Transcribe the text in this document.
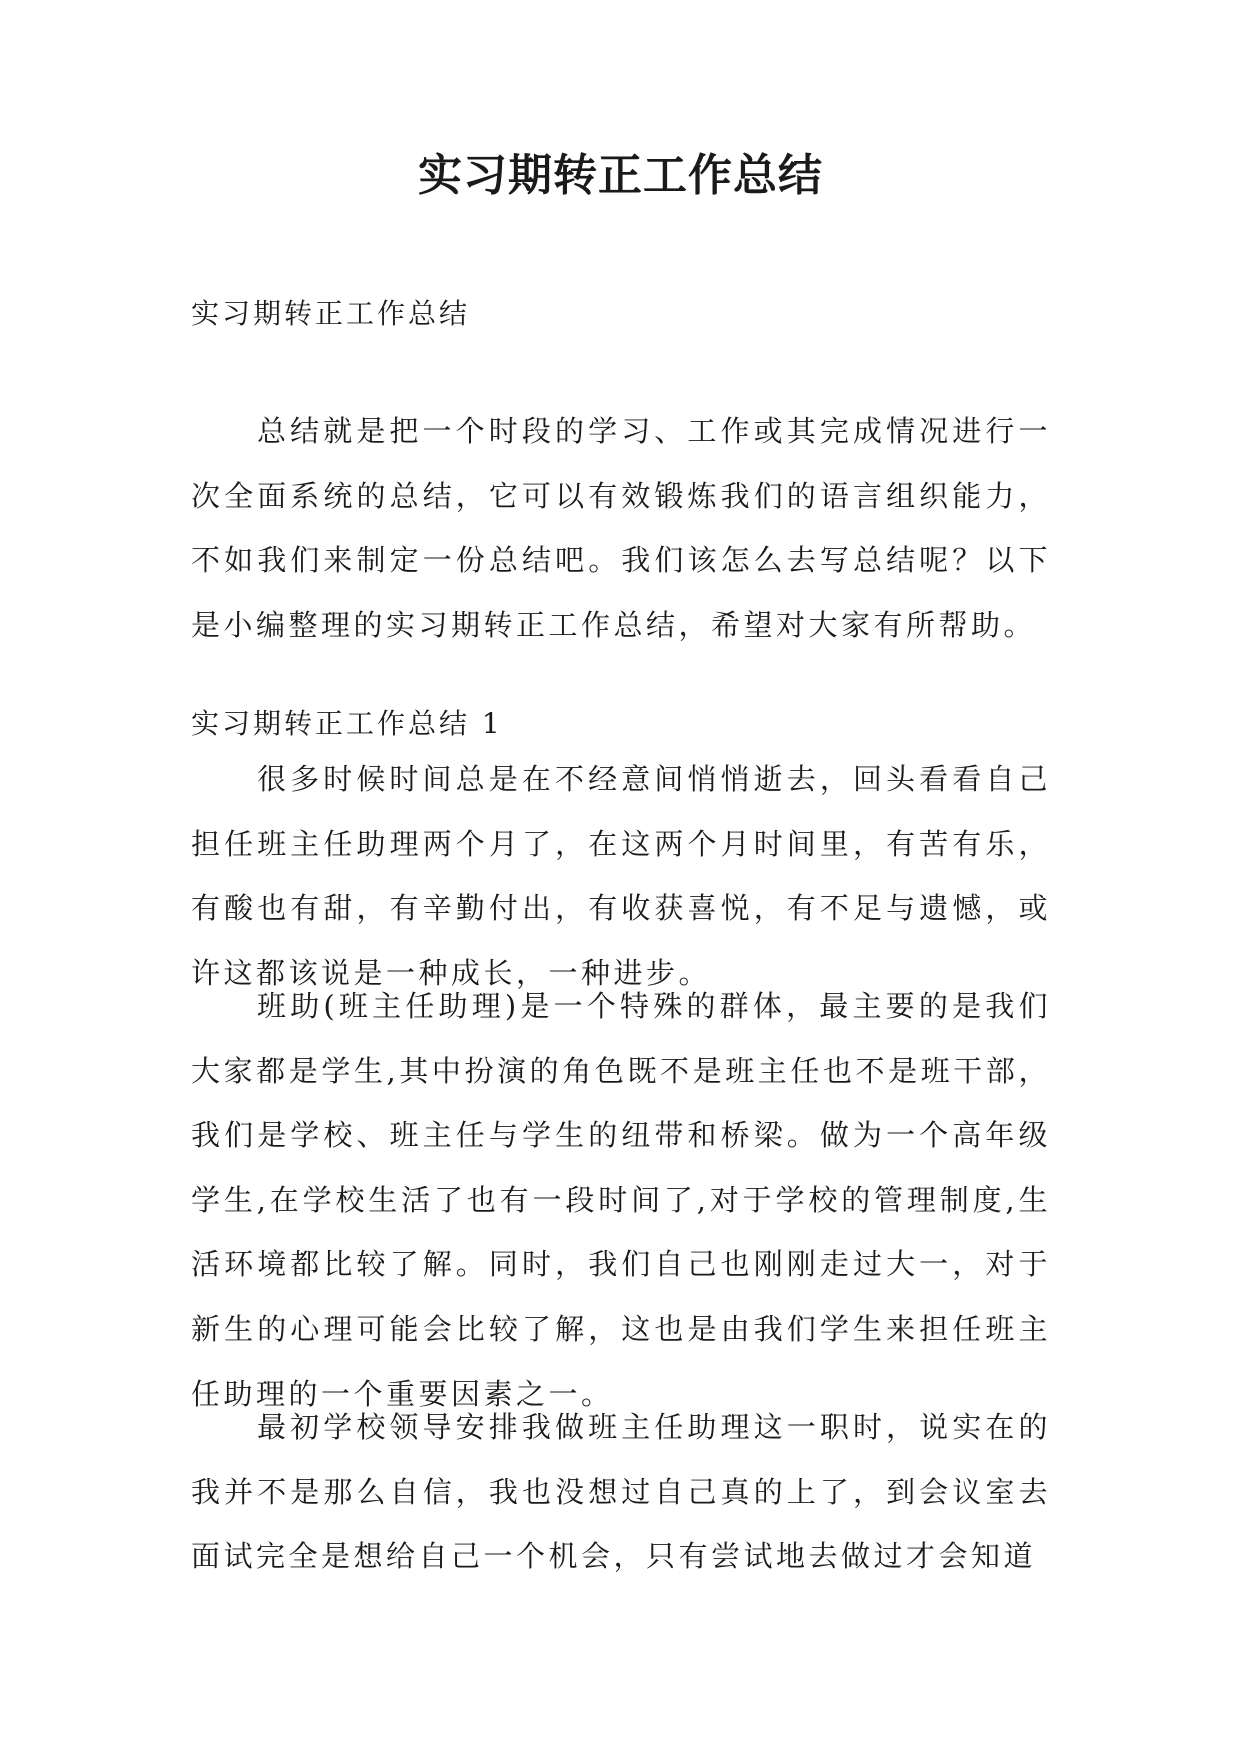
实习期转正工作总结

实习期转正工作总结

总结就是把一个时段的学习、工作或其完成情况进行一次全面系统的总结，它可以有效锻炼我们的语言组织能力，不如我们来制定一份总结吧。我们该怎么去写总结呢？以下是小编整理的实习期转正工作总结，希望对大家有所帮助。

实习期转正工作总结 1

很多时候时间总是在不经意间悄悄逝去，回头看看自己担任班主任助理两个月了，在这两个月时间里，有苦有乐，有酸也有甜，有辛勤付出，有收获喜悦，有不足与遗憾，或许这都该说是一种成长，一种进步。

班助(班主任助理)是一个特殊的群体，最主要的是我们大家都是学生,其中扮演的角色既不是班主任也不是班干部，我们是学校、班主任与学生的纽带和桥梁。做为一个高年级学生,在学校生活了也有一段时间了,对于学校的管理制度,生活环境都比较了解。同时，我们自己也刚刚走过大一，对于新生的心理可能会比较了解，这也是由我们学生来担任班主任助理的一个重要因素之一。

最初学校领导安排我做班主任助理这一职时，说实在的我并不是那么自信，我也没想过自己真的上了，到会议室去面试完全是想给自己一个机会，只有尝试地去做过才会知道
